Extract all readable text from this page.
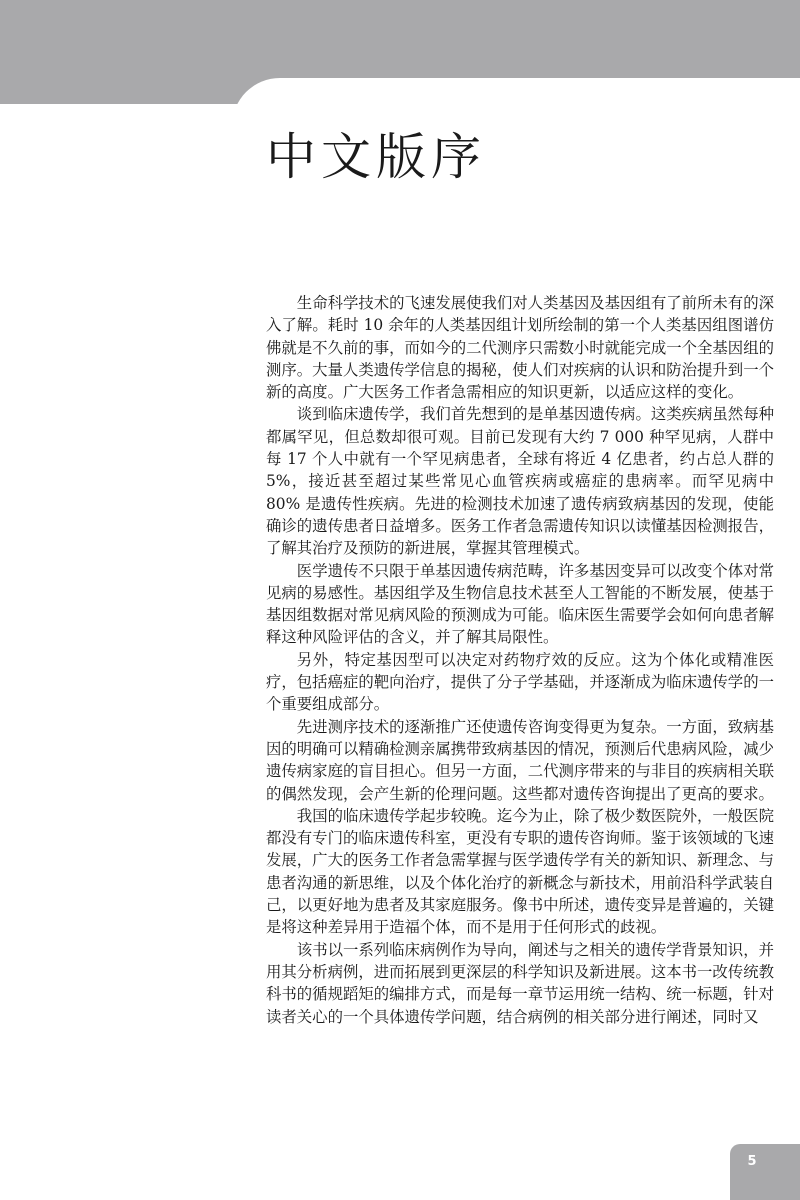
中文版序

生命科学技术的飞速发展使我们对人类基因及基因组有了前所未有的深入了解。耗时 10 余年的人类基因组计划所绘制的第一个人类基因组图谱仿佛就是不久前的事，而如今的二代测序只需数小时就能完成一个全基因组的测序。大量人类遗传学信息的揭秘，使人们对疾病的认识和防治提升到一个新的高度。广大医务工作者急需相应的知识更新，以适应这样的变化。

谈到临床遗传学，我们首先想到的是单基因遗传病。这类疾病虽然每种都属罕见，但总数却很可观。目前已发现有大约 7 000 种罕见病，人群中每 17 个人中就有一个罕见病患者，全球有将近 4 亿患者，约占总人群的 5%，接近甚至超过某些常见心血管疾病或癌症的患病率。而罕见病中 80% 是遗传性疾病。先进的检测技术加速了遗传病致病基因的发现，使能确诊的遗传患者日益增多。医务工作者急需遗传知识以读懂基因检测报告，了解其治疗及预防的新进展，掌握其管理模式。

医学遗传不只限于单基因遗传病范畴，许多基因变异可以改变个体对常见病的易感性。基因组学及生物信息技术甚至人工智能的不断发展，使基于基因组数据对常见病风险的预测成为可能。临床医生需要学会如何向患者解释这种风险评估的含义，并了解其局限性。

另外，特定基因型可以决定对药物疗效的反应。这为个体化或精准医疗，包括癌症的靶向治疗，提供了分子学基础，并逐渐成为临床遗传学的一个重要组成部分。

先进测序技术的逐渐推广还使遗传咨询变得更为复杂。一方面，致病基因的明确可以精确检测亲属携带致病基因的情况，预测后代患病风险，减少遗传病家庭的盲目担心。但另一方面，二代测序带来的与非目的疾病相关联的偶然发现，会产生新的伦理问题。这些都对遗传咨询提出了更高的要求。

我国的临床遗传学起步较晚。迄今为止，除了极少数医院外，一般医院都没有专门的临床遗传科室，更没有专职的遗传咨询师。鉴于该领域的飞速发展，广大的医务工作者急需掌握与医学遗传学有关的新知识、新理念、与患者沟通的新思维，以及个体化治疗的新概念与新技术，用前沿科学武装自己，以更好地为患者及其家庭服务。像书中所述，遗传变异是普遍的，关键是将这种差异用于造福个体，而不是用于任何形式的歧视。

该书以一系列临床病例作为导向，阐述与之相关的遗传学背景知识，并用其分析病例，进而拓展到更深层的科学知识及新进展。这本书一改传统教科书的循规蹈矩的编排方式，而是每一章节运用统一结构、统一标题，针对读者关心的一个具体遗传学问题，结合病例的相关部分进行阐述，同时又

5
